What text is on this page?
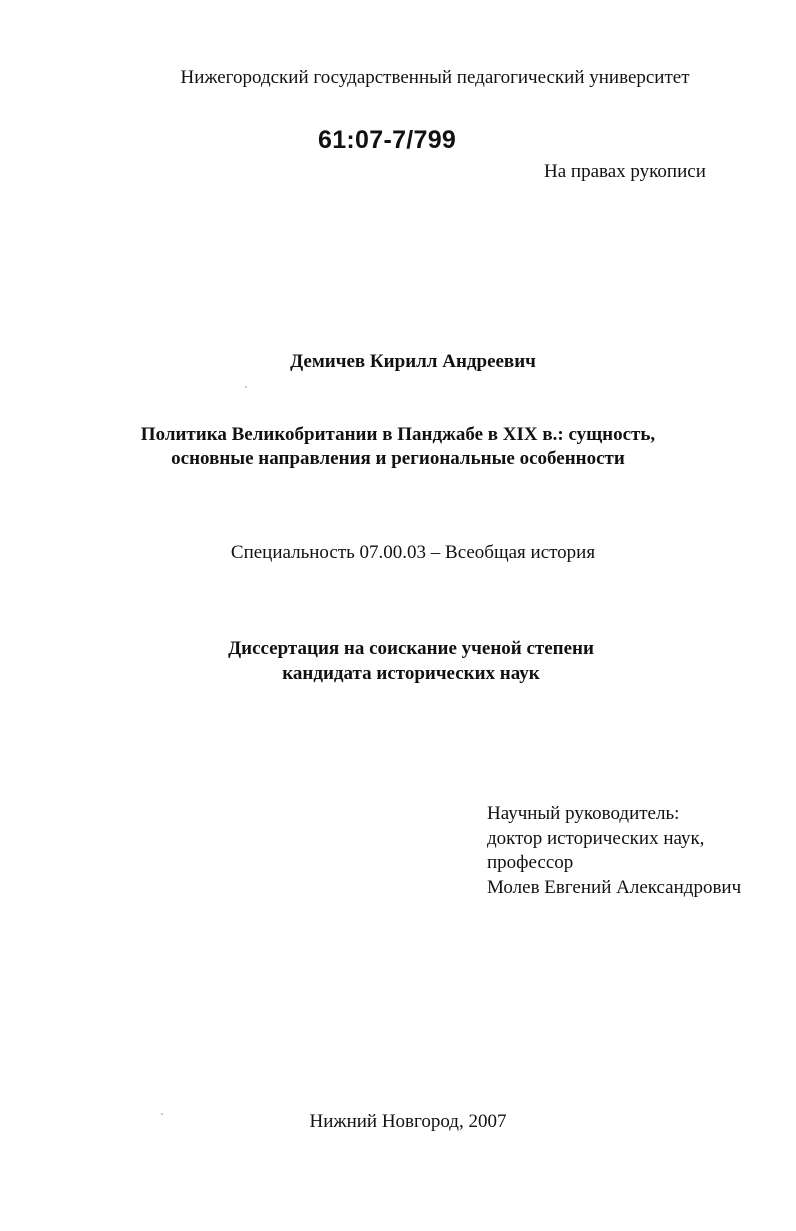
Нижегородский государственный педагогический университет
61:07-7/799
На правах рукописи
Демичев Кирилл Андреевич
Политика Великобритании в Панджабе в XIX в.: сущность,
основные направления и региональные особенности
Специальность 07.00.03 – Всеобщая история
Диссертация на соискание ученой степени
кандидата исторических наук
Научный руководитель:
доктор исторических наук,
профессор
Молев Евгений Александрович
Нижний Новгород, 2007
